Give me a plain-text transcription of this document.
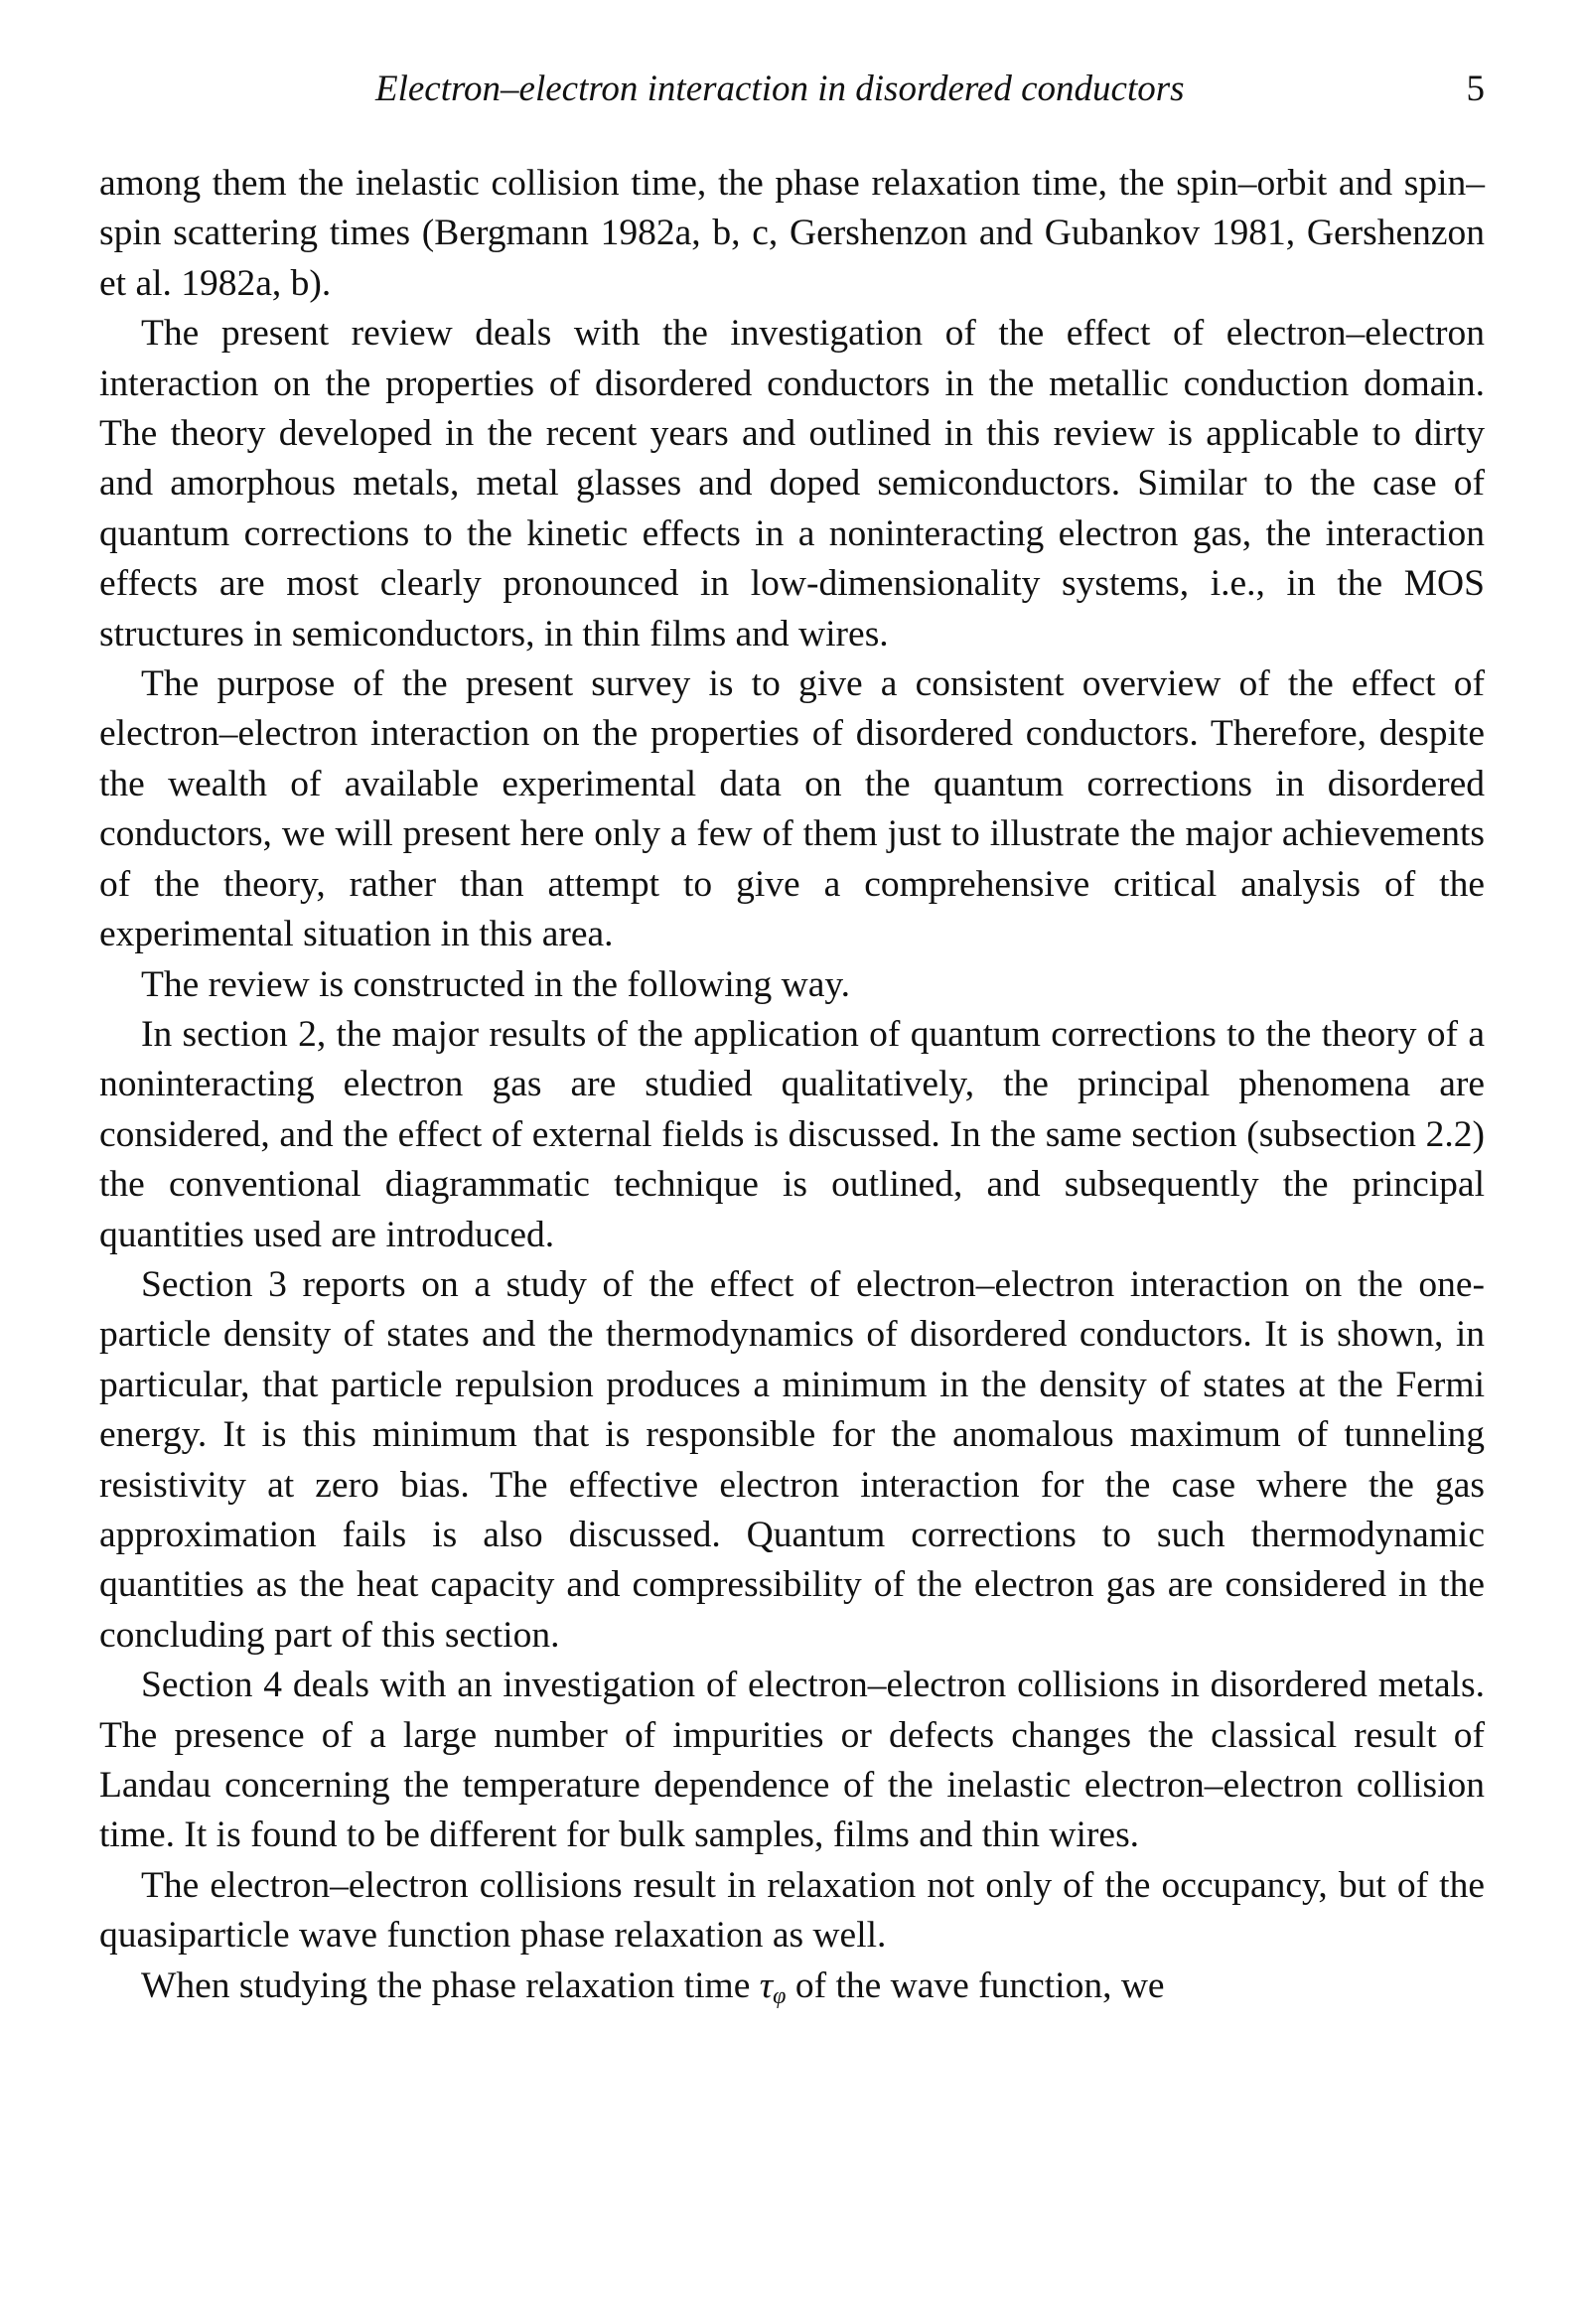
Electron–electron interaction in disordered conductors	5

among them the inelastic collision time, the phase relaxation time, the spin–orbit and spin–spin scattering times (Bergmann 1982a, b, c, Gershenzon and Gubankov 1981, Gershenzon et al. 1982a, b).

The present review deals with the investigation of the effect of electron–electron interaction on the properties of disordered conductors in the metallic conduction domain. The theory developed in the recent years and outlined in this review is applicable to dirty and amorphous metals, metal glasses and doped semiconductors. Similar to the case of quantum corrections to the kinetic effects in a noninteracting electron gas, the interaction effects are most clearly pronounced in low-dimensionality systems, i.e., in the MOS structures in semiconductors, in thin films and wires.

The purpose of the present survey is to give a consistent overview of the effect of electron–electron interaction on the properties of disordered conductors. Therefore, despite the wealth of available experimental data on the quantum corrections in disordered conductors, we will present here only a few of them just to illustrate the major achievements of the theory, rather than attempt to give a comprehensive critical analysis of the experimental situation in this area.

The review is constructed in the following way.

In section 2, the major results of the application of quantum corrections to the theory of a noninteracting electron gas are studied qualitatively, the principal phenomena are considered, and the effect of external fields is discussed. In the same section (subsection 2.2) the conventional diagrammatic technique is outlined, and subsequently the principal quantities used are introduced.

Section 3 reports on a study of the effect of electron–electron interaction on the one-particle density of states and the thermodynamics of disordered conductors. It is shown, in particular, that particle repulsion produces a minimum in the density of states at the Fermi energy. It is this minimum that is responsible for the anomalous maximum of tunneling resistivity at zero bias. The effective electron interaction for the case where the gas approximation fails is also discussed. Quantum corrections to such thermodynamic quantities as the heat capacity and compressibility of the electron gas are considered in the concluding part of this section.

Section 4 deals with an investigation of electron–electron collisions in disordered metals. The presence of a large number of impurities or defects changes the classical result of Landau concerning the temperature dependence of the inelastic electron–electron collision time. It is found to be different for bulk samples, films and thin wires.

The electron–electron collisions result in relaxation not only of the occupancy, but of the quasiparticle wave function phase relaxation as well.

When studying the phase relaxation time $\tau_\varphi$ of the wave function, we
